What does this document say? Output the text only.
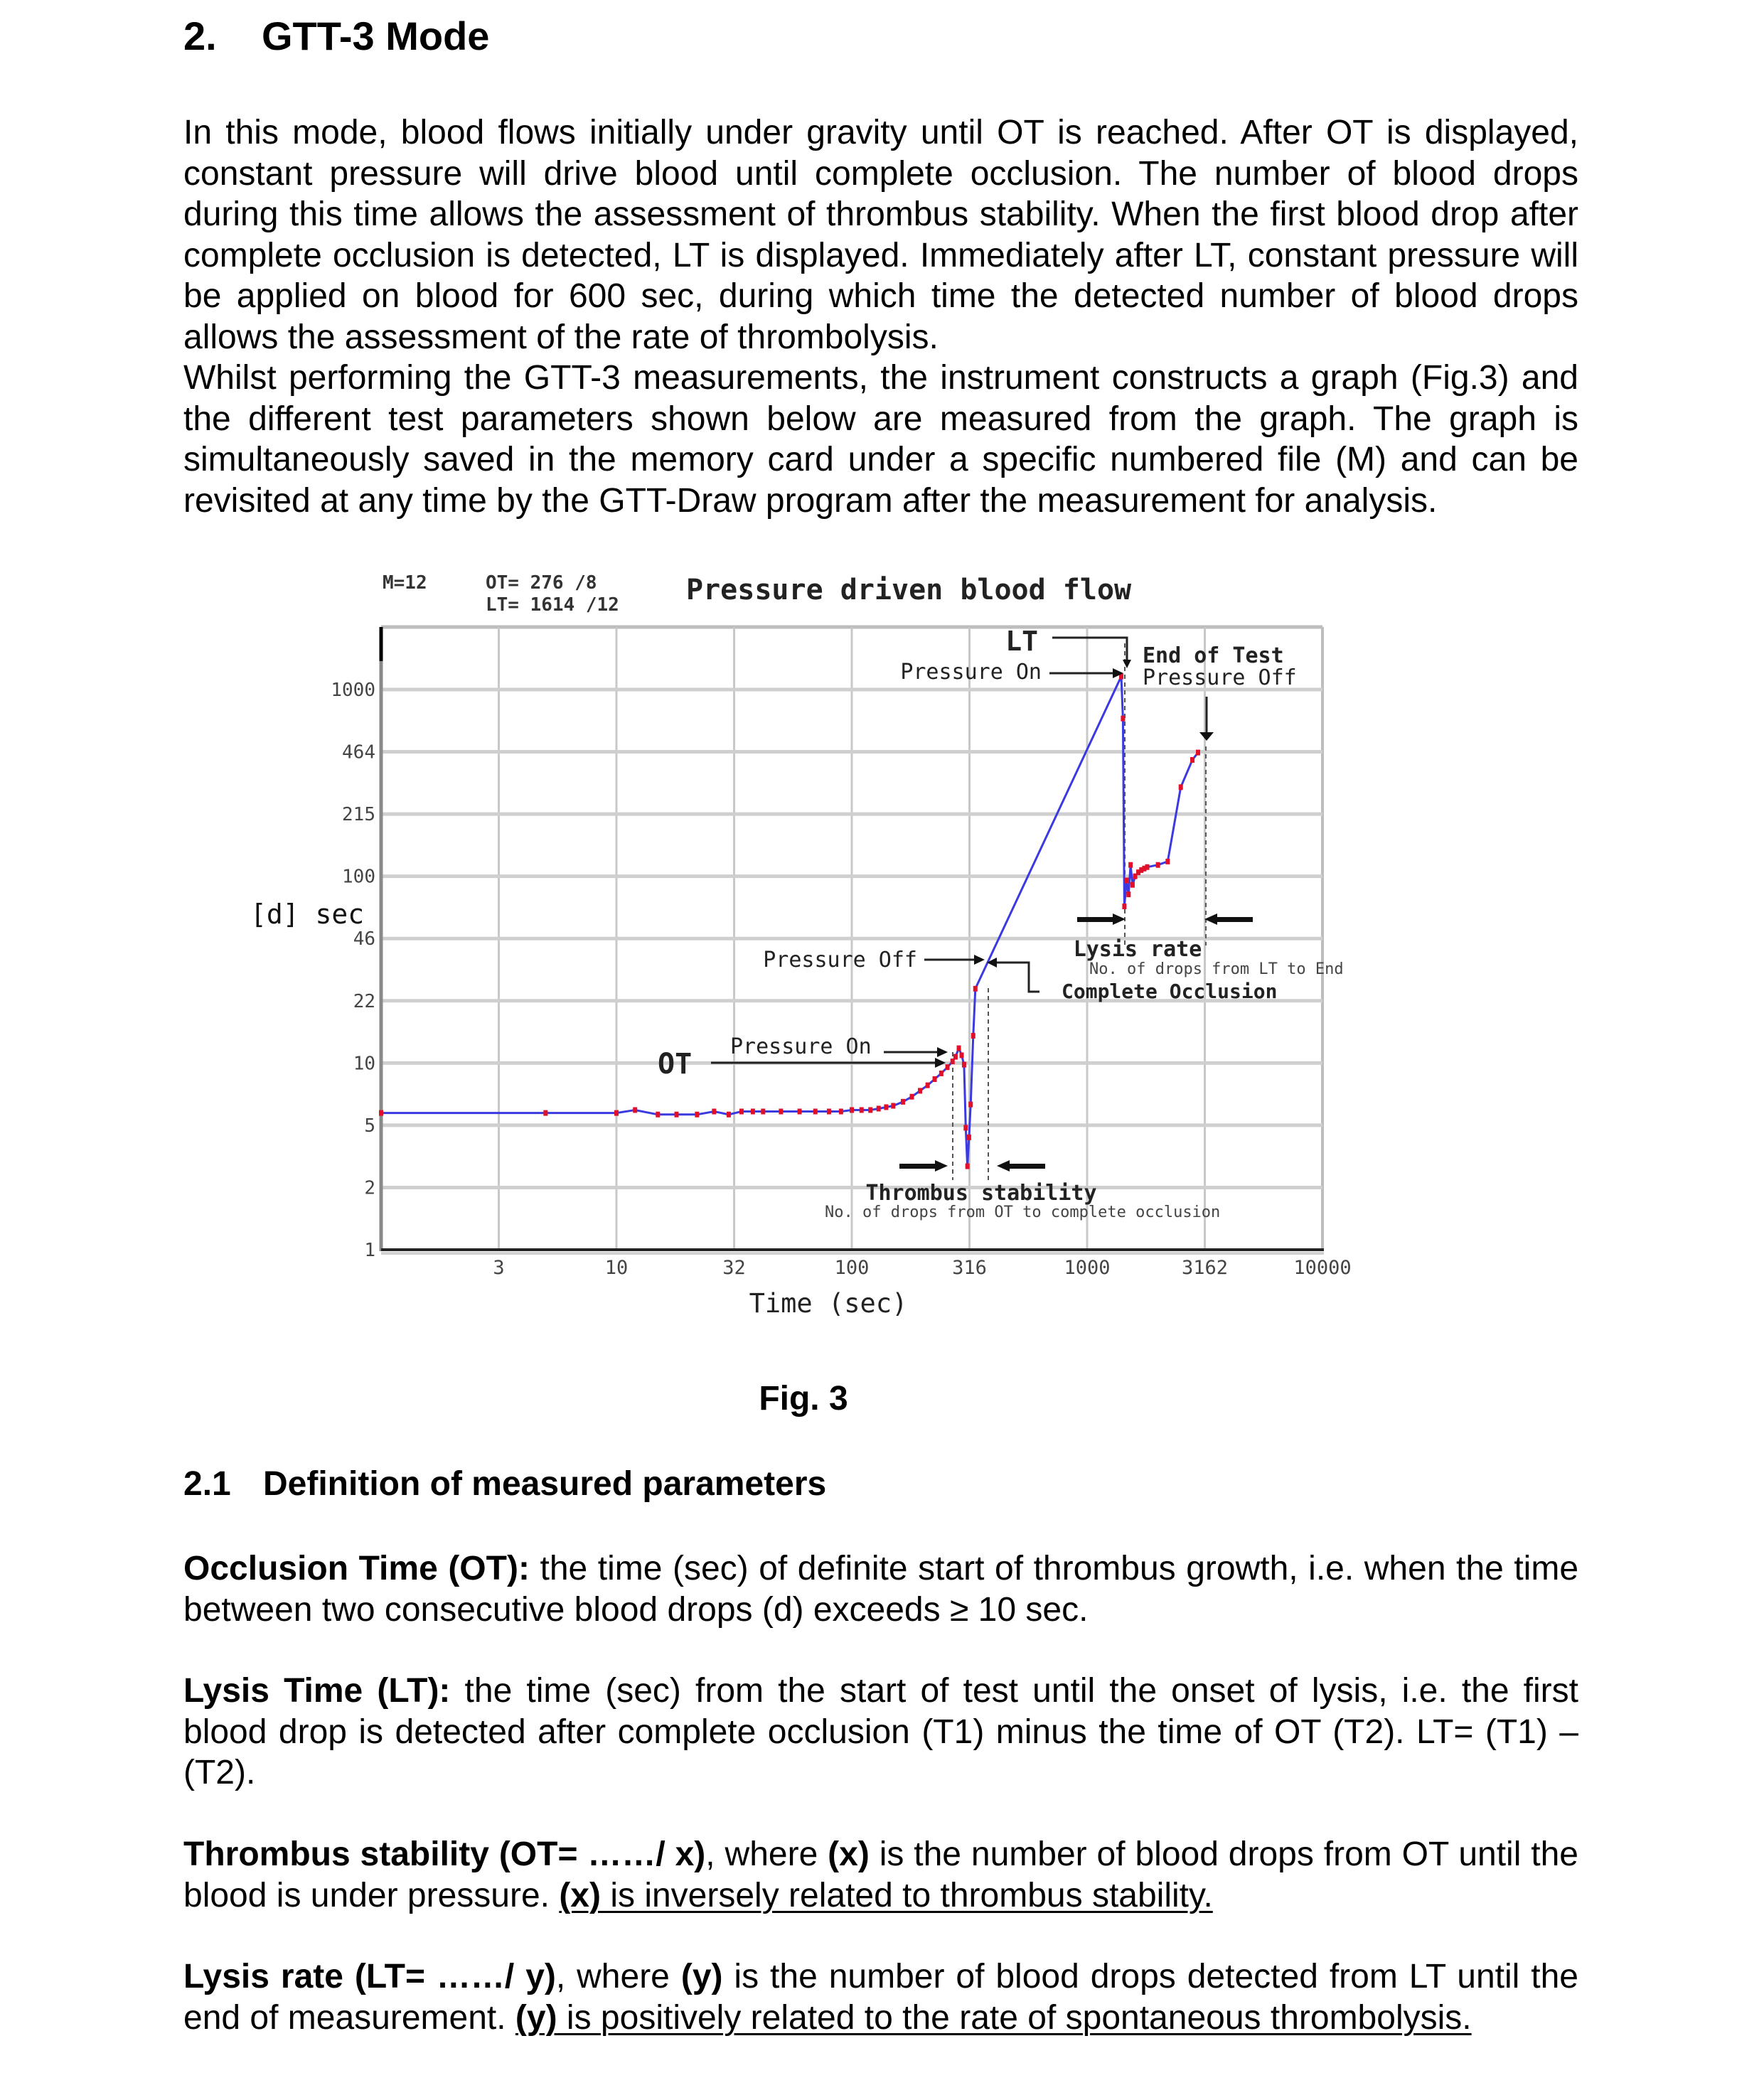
2. GTT-3 Mode

In this mode, blood flows initially under gravity until OT is reached. After OT is displayed, constant pressure will drive blood until complete occlusion. The number of blood drops during this time allows the assessment of thrombus stability. When the first blood drop after complete occlusion is detected, LT is displayed. Immediately after LT, constant pressure will be applied on blood for 600 sec, during which time the detected number of blood drops allows the assessment of the rate of thrombolysis.

Whilst performing the GTT-3 measurements, the instrument constructs a graph (Fig.3) and the different test parameters shown below are measured from the graph. The graph is simultaneously saved in the memory card under a specific numbered file (M) and can be revisited at any time by the GTT-Draw program after the measurement for analysis.

1
2
5
10
22
46
100
215
464
1000
3	10	32	100	316	1000	3162	10000
M=12	OT= 276 /8
LT= 1614 /12 Pressure driven blood flow
[d] sec
Time (sec)
LT	End of Test
Pressure Off
Pressure On
Pressure Off	Lysis rate
No. of drops from LT to End
Complete Occlusion
OT
Pressure On
Thrombus stability
No. of drops from OT to complete occlusion
Fig. 3
2.1 Definition of measured parameters
Occlusion Time (OT): the time (sec) of definite start of thrombus growth, i.e. when the time between two consecutive blood drops (d) exceeds ≥ 10 sec.
Lysis Time (LT): the time (sec) from the start of test until the onset of lysis, i.e. the first blood drop is detected after complete occlusion (T1) minus the time of OT (T2). LT= (T1) – (T2).
Thrombus stability (OT= ……/ x), where (x) is the number of blood drops from OT until the blood is under pressure. (x) is inversely related to thrombus stability.
Lysis rate (LT= ……/ y), where (y) is the number of blood drops detected from LT until the end of measurement. (y) is positively related to the rate of spontaneous thrombolysis.
